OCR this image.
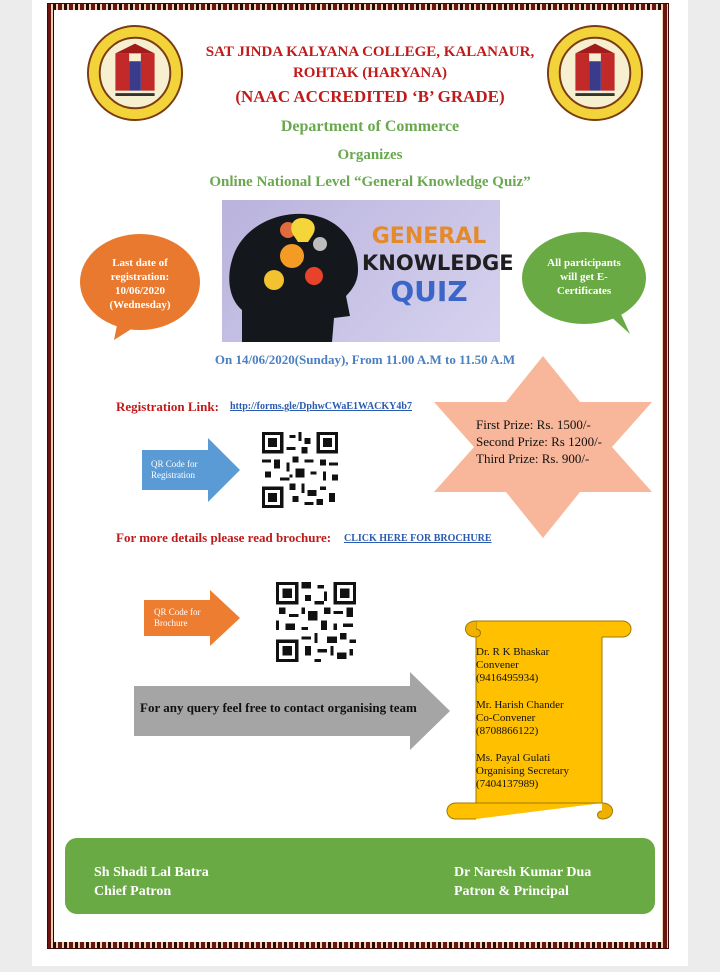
SAT JINDA KALYANA COLLEGE, KALANAUR,
ROHTAK (HARYANA)
(NAAC ACCREDITED ‘B’ GRADE)
Department of Commerce
Organizes
Online National Level “General Knowledge Quiz”
GENERAL
KNOWLEDGE
QUIZ
Last date of
registration:
10/06/2020
(Wednesday)
All participants
will get E-
Certificates
On 14/06/2020(Sunday), From 11.00 A.M to 11.50 A.M
Registration Link: http://forms.gle/DphwCWaE1WACKY4b7
First Prize: Rs. 1500/-
Second Prize: Rs 1200/-
Third Prize: Rs. 900/-
QR Code for
Registration
For more details please read brochure: CLICK HERE FOR BROCHURE
QR Code for
Brochure
For any query feel free to contact organising team
Dr. R K Bhaskar
Convener
(9416495934)
Mr. Harish Chander
Co-Convener
(8708866122)
Ms. Payal Gulati
Organising Secretary
(7404137989)
Sh Shadi Lal Batra
Chief Patron
Dr Naresh Kumar Dua
Patron & Principal
